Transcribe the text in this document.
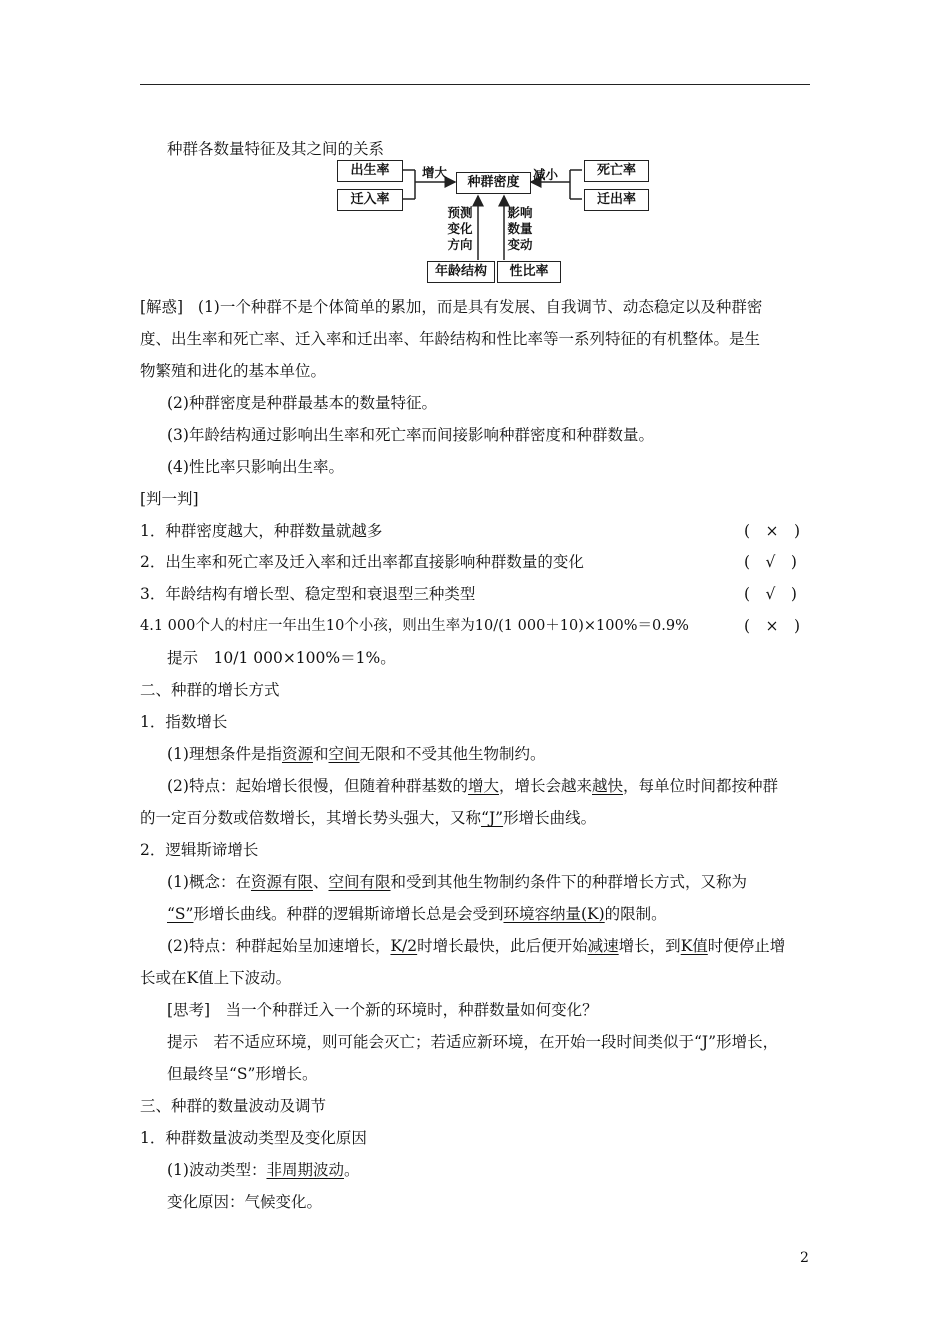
种群各数量特征及其之间的关系
出生率
迁入率
种群密度
死亡率
迁出率
年龄结构	性比率
增大	减小
预测
变化
方向
影响
数量
变动
[解惑] (1)一个种群不是个体简单的累加，而是具有发展、自我调节、动态稳定以及种群密
度、出生率和死亡率、迁入率和迁出率、年龄结构和性比率等一系列特征的有机整体。是生
物繁殖和进化的基本单位。
(2)种群密度是种群最基本的数量特征。
(3)年龄结构通过影响出生率和死亡率而间接影响种群密度和种群数量。
(4)性比率只影响出生率。
[判一判]
1．种群密度越大，种群数量就越多	(　×　)
2．出生率和死亡率及迁入率和迁出率都直接影响种群数量的变化	(　√　)
3．年龄结构有增长型、稳定型和衰退型三种类型	(　√　)
4.1 000个人的村庄一年出生10个小孩，则出生率为10/(1 000＋10)×100%＝0.9%	(　×　)
提示　10/1 000×100%＝1%。
二、种群的增长方式
1．指数增长
(1)理想条件是指资源和空间无限和不受其他生物制约。
(2)特点：起始增长很慢，但随着种群基数的增大，增长会越来越快，每单位时间都按种群
的一定百分数或倍数增长，其增长势头强大，又称“J”形增长曲线。
2．逻辑斯谛增长
(1)概念：在资源有限、空间有限和受到其他生物制约条件下的种群增长方式，又称为
“S”形增长曲线。种群的逻辑斯谛增长总是会受到环境容纳量(K)的限制。
(2)特点：种群起始呈加速增长，K/2时增长最快，此后便开始减速增长，到K值时便停止增
长或在K值上下波动。
[思考]　当一个种群迁入一个新的环境时，种群数量如何变化？
提示　若不适应环境，则可能会灭亡；若适应新环境，在开始一段时间类似于“J”形增长，
但最终呈“S”形增长。
三、种群的数量波动及调节
1．种群数量波动类型及变化原因
(1)波动类型：非周期波动。
变化原因：气候变化。
2
